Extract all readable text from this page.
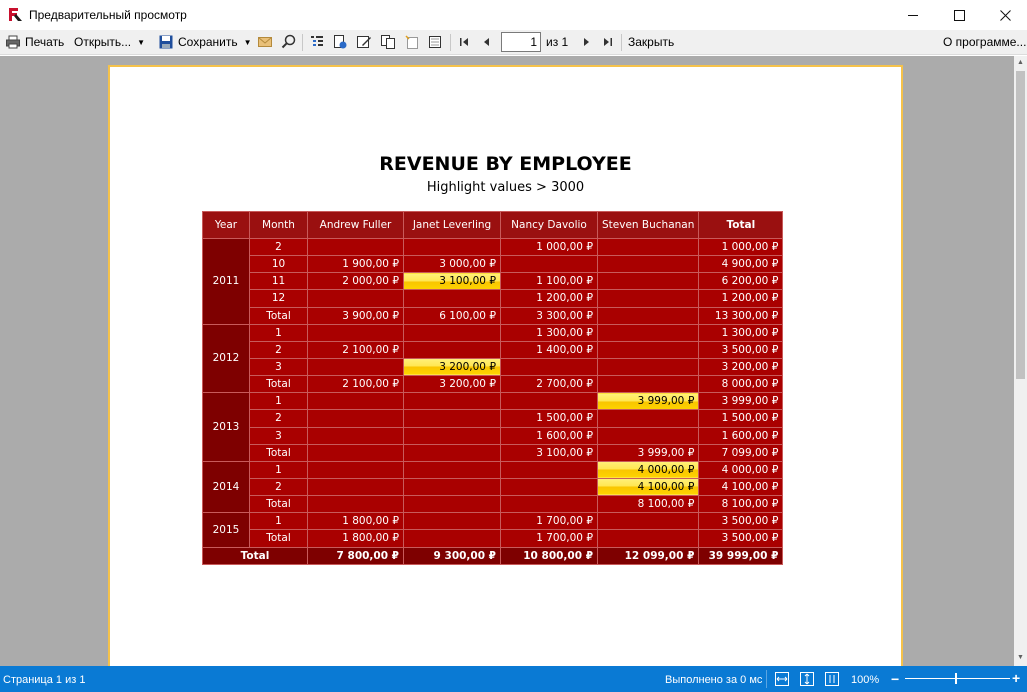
Предварительный просмотр
Печать Открыть... ▼	Сохранить ▼
1	из 1	Закрыть	О программе...
REVENUE BY EMPLOYEE
Highlight values > 3000
Year	Month	Andrew Fuller	Janet Leverling	Nancy Davolio	Steven Buchanan	Total
2011	2			1 000,00 ₽		1 000,00 ₽
	10	1 900,00 ₽	3 000,00 ₽			4 900,00 ₽
	11	2 000,00 ₽	3 100,00 ₽	1 100,00 ₽		6 200,00 ₽
	12			1 200,00 ₽		1 200,00 ₽
	Total	3 900,00 ₽	6 100,00 ₽	3 300,00 ₽		13 300,00 ₽
2012	1			1 300,00 ₽		1 300,00 ₽
	2	2 100,00 ₽		1 400,00 ₽		3 500,00 ₽
	3		3 200,00 ₽			3 200,00 ₽
	Total	2 100,00 ₽	3 200,00 ₽	2 700,00 ₽		8 000,00 ₽
2013	1				3 999,00 ₽	3 999,00 ₽
	2			1 500,00 ₽		1 500,00 ₽
	3			1 600,00 ₽		1 600,00 ₽
	Total			3 100,00 ₽	3 999,00 ₽	7 099,00 ₽
2014	1				4 000,00 ₽	4 000,00 ₽
	2				4 100,00 ₽	4 100,00 ₽
	Total				8 100,00 ₽	8 100,00 ₽
2015	1	1 800,00 ₽		1 700,00 ₽		3 500,00 ₽
	Total	1 800,00 ₽		1 700,00 ₽		3 500,00 ₽
Total		7 800,00 ₽	9 300,00 ₽	10 800,00 ₽	12 099,00 ₽	39 999,00 ₽
▲
▼
Страница 1 из 1	Выполнено за 0 мс	100% −	+
